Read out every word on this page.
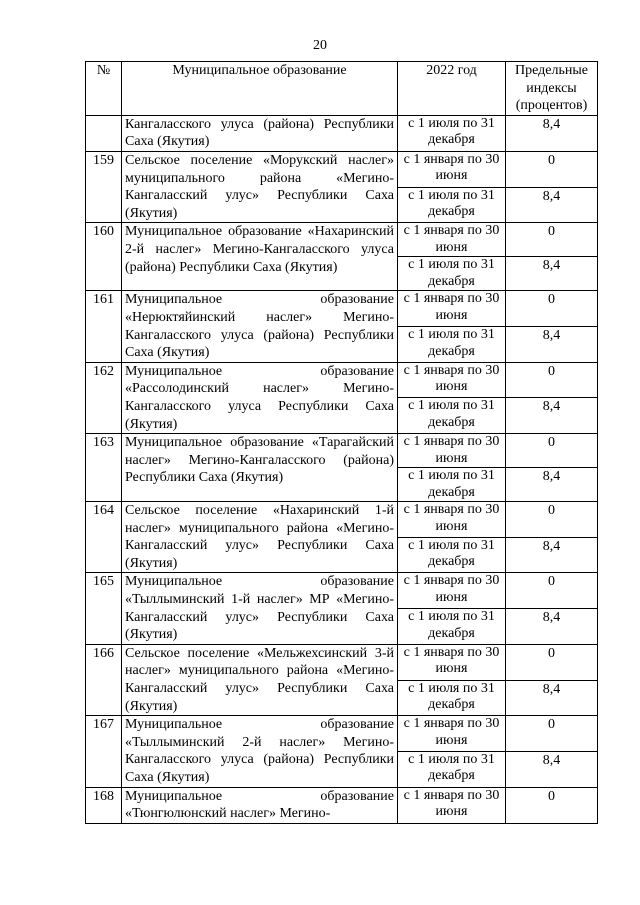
20
№	Муниципальное образование	2022 год	Предельные индексы (процентов)
	Кангаласского улуса (района) Республики Саха (Якутия)	с 1 июля по 31 декабря	8,4
159	Сельское поселение «Морукский наслег» муниципального района «Мегино-Кангаласский улус» Республики Саха (Якутия)	с 1 января по 30 июня	0
		с 1 июля по 31 декабря	8,4
160	Муниципальное образование «Нахаринский 2-й наслег» Мегино-Кангаласского улуса (района) Республики Саха (Якутия)	с 1 января по 30 июня	0
		с 1 июля по 31 декабря	8,4
161	Муниципальное образование «Нерюктяйинский наслег» Мегино-Кангаласского улуса (района) Республики Саха (Якутия)	с 1 января по 30 июня	0
		с 1 июля по 31 декабря	8,4
162	Муниципальное образование «Рассолодинский наслег» Мегино-Кангаласского улуса Республики Саха (Якутия)	с 1 января по 30 июня	0
		с 1 июля по 31 декабря	8,4
163	Муниципальное образование «Тарагайский наслег» Мегино-Кангаласского (района) Республики Саха (Якутия)	с 1 января по 30 июня	0
		с 1 июля по 31 декабря	8,4
164	Сельское поселение «Нахаринский 1-й наслег» муниципального района «Мегино-Кангаласский улус» Республики Саха (Якутия)	с 1 января по 30 июня	0
		с 1 июля по 31 декабря	8,4
165	Муниципальное образование «Тыллыминский 1-й наслег» МР «Мегино-Кангаласский улус» Республики Саха (Якутия)	с 1 января по 30 июня	0
		с 1 июля по 31 декабря	8,4
166	Сельское поселение «Мельжехсинский 3-й наслег» муниципального района «Мегино-Кангаласский улус» Республики Саха (Якутия)	с 1 января по 30 июня	0
		с 1 июля по 31 декабря	8,4
167	Муниципальное образование «Тыллыминский 2-й наслег» Мегино-Кангаласского улуса (района) Республики Саха (Якутия)	с 1 января по 30 июня	0
		с 1 июля по 31 декабря	8,4
168	Муниципальное образование «Тюнгюлюнский наслег» Мегино-	с 1 января по 30 июня	0
